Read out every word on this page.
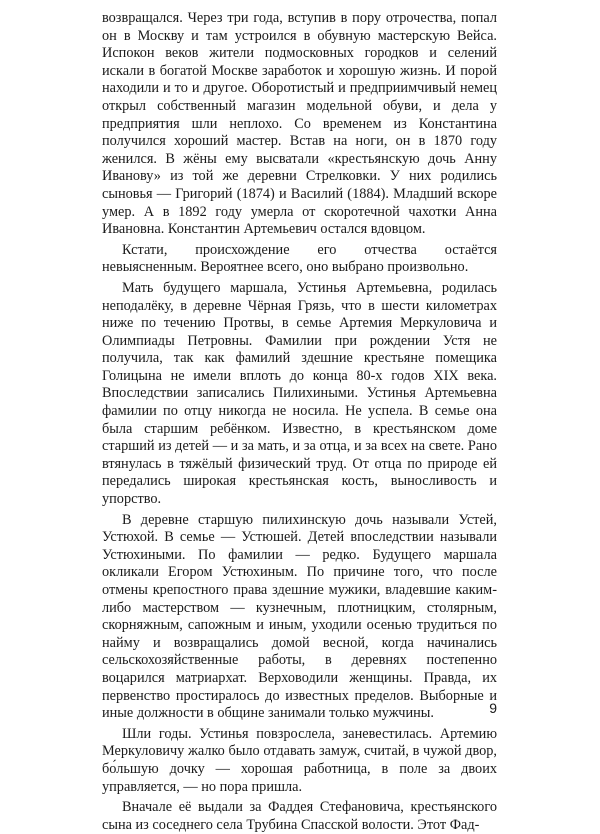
возвращался. Через три года, вступив в пору отрочества, попал он в Москву и там устроился в обувную мастерскую Вейса. Испокон веков жители подмосковных городков и селений искали в богатой Москве заработок и хорошую жизнь. И порой находили и то и другое. Оборотистый и предприимчивый немец открыл собственный магазин модельной обуви, и дела у предприятия шли неплохо. Со временем из Константина получился хороший мастер. Встав на ноги, он в 1870 году женился. В жёны ему высватали «крестьянскую дочь Анну Иванову» из той же деревни Стрелковки. У них родились сыновья — Григорий (1874) и Василий (1884). Младший вскоре умер. А в 1892 году умерла от скоротечной чахотки Анна Ивановна. Константин Артемьевич остался вдовцом.

Кстати, происхождение его отчества остаётся невыясненным. Вероятнее всего, оно выбрано произвольно.

Мать будущего маршала, Устинья Артемьевна, родилась неподалёку, в деревне Чёрная Грязь, что в шести километрах ниже по течению Протвы, в семье Артемия Меркуловича и Олимпиады Петровны. Фамилии при рождении Устя не получила, так как фамилий здешние крестьяне помещика Голицына не имели вплоть до конца 80-х годов XIX века. Впоследствии записались Пилихиными. Устинья Артемьевна фамилии по отцу никогда не носила. Не успела. В семье она была старшим ребёнком. Известно, в крестьянском доме старший из детей — и за мать, и за отца, и за всех на свете. Рано втянулась в тяжёлый физический труд. От отца по природе ей передались широкая крестьянская кость, выносливость и упорство.

В деревне старшую пилихинскую дочь называли Устей, Устюхой. В семье — Устюшей. Детей впоследствии называли Устюхиными. По фамилии — редко. Будущего маршала окликали Егором Устюхиным. По причине того, что после отмены крепостного права здешние мужики, владевшие каким-либо мастерством — кузнечным, плотницким, столярным, скорняжным, сапожным и иным, уходили осенью трудиться по найму и возвращались домой весной, когда начинались сельскохозяйственные работы, в деревнях постепенно воцарился матриархат. Верховодили женщины. Правда, их первенство простиралось до известных пределов. Выборные и иные должности в общине занимали только мужчины.

Шли годы. Устинья повзрослела, заневестилась. Артемию Меркуловичу жалко было отдавать замуж, считай, в чужой двор, бо́льшую дочку — хорошая работница, в поле за двоих управляется, — но пора пришла.

Вначале её выдали за Фаддея Стефановича, крестьянского сына из соседнего села Трубина Спасской волости. Этот Фад-

9
